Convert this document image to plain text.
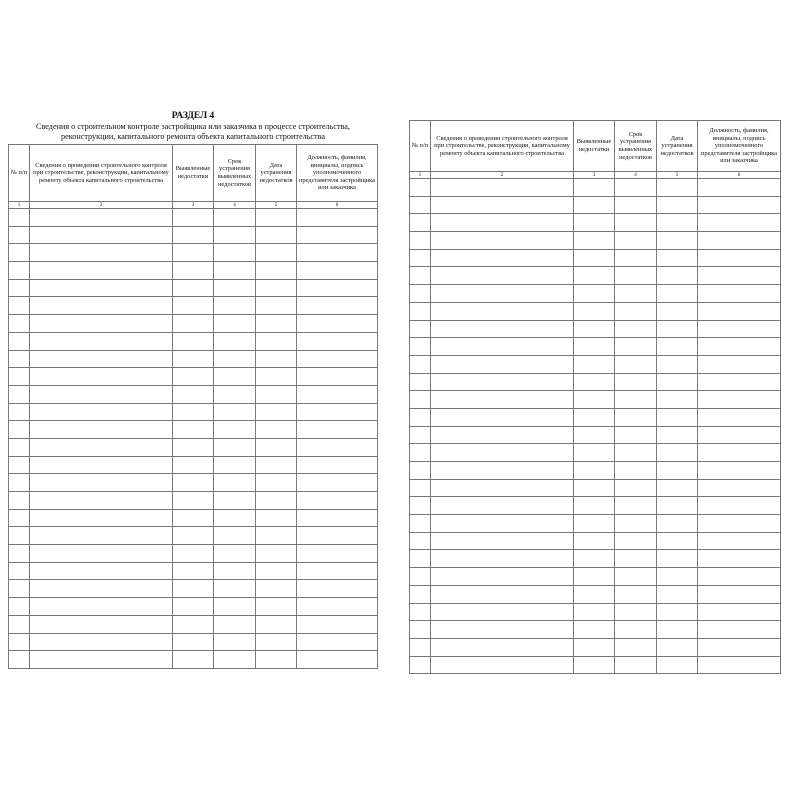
РАЗДЕЛ 4
Сведения о строительном контроле застройщика или заказчика в процессе строительства, реконструкции, капитального ремонта объекта капитального строительства
№ п/п	Сведения о проведении строительного контроля при строительстве, реконструкции, капитальному ремонту объекта капитального строительства	Выявленные недостатки	Срок устранения выявленных недостатков	Дата устранения недостатков	Должность, фамилия, инициалы, подпись уполномоченного представителя застройщика или заказчика
1	2	3	4	5	6

№ п/п	Сведения о проведении строительного контроля при строительстве, реконструкции, капитальному ремонту объекта капитального строительства	Выявленные недостатки	Срок устранения выявленных недостатков	Дата устранения недостатков	Должность, фамилия, инициалы, подпись уполномоченного представителя застройщика или заказчика
1	2	3	4	5	6
